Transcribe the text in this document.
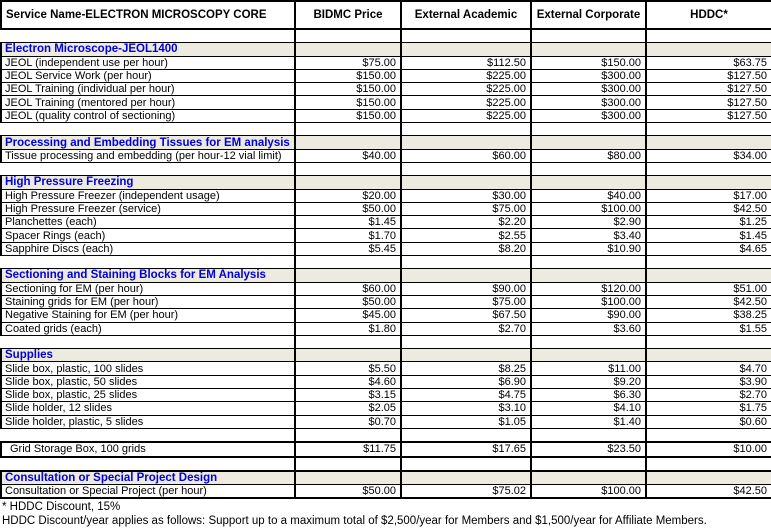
Service Name-ELECTRON MICROSCOPY CORE	BIDMC Price	External Academic	External Corporate	HDDC*

Electron Microscope-JEOL1400				
JEOL (independent use per hour)	$75.00	$112.50	$150.00	$63.75
JEOL Service Work (per hour)	$150.00	$225.00	$300.00	$127.50
JEOL Training (individual per hour)	$150.00	$225.00	$300.00	$127.50
JEOL Training (mentored per hour)	$150.00	$225.00	$300.00	$127.50
JEOL (quality control of sectioning)	$150.00	$225.00	$300.00	$127.50

Processing and Embedding Tissues for EM analysis				
Tissue processing and embedding (per hour-12 vial limit)	$40.00	$60.00	$80.00	$34.00

High Pressure Freezing				
High Pressure Freezer (independent usage)	$20.00	$30.00	$40.00	$17.00
High Pressure Freezer (service)	$50.00	$75.00	$100.00	$42.50
Planchettes (each)	$1.45	$2.20	$2.90	$1.25
Spacer Rings (each)	$1.70	$2.55	$3.40	$1.45
Sapphire Discs (each)	$5.45	$8.20	$10.90	$4.65

Sectioning and Staining Blocks for EM Analysis				
Sectioning for EM (per hour)	$60.00	$90.00	$120.00	$51.00
Staining grids for EM (per hour)	$50.00	$75.00	$100.00	$42.50
Negative Staining for EM (per hour)	$45.00	$67.50	$90.00	$38.25
Coated grids (each)	$1.80	$2.70	$3.60	$1.55

Supplies				
Slide box, plastic, 100 slides	$5.50	$8.25	$11.00	$4.70
Slide box, plastic, 50 slides	$4.60	$6.90	$9.20	$3.90
Slide box, plastic, 25 slides	$3.15	$4.75	$6.30	$2.70
Slide holder, 12 slides	$2.05	$3.10	$4.10	$1.75
Slide holder, plastic, 5 slides	$0.70	$1.05	$1.40	$0.60

Grid Storage Box, 100 grids	$11.75	$17.65	$23.50	$10.00

Consultation or Special Project Design				
Consultation or Special Project (per hour)	$50.00	$75.02	$100.00	$42.50
* HDDC Discount, 15%
HDDC Discount/year applies as follows: Support up to a maximum total of $2,500/year for Members and $1,500/year for Affiliate Members.
